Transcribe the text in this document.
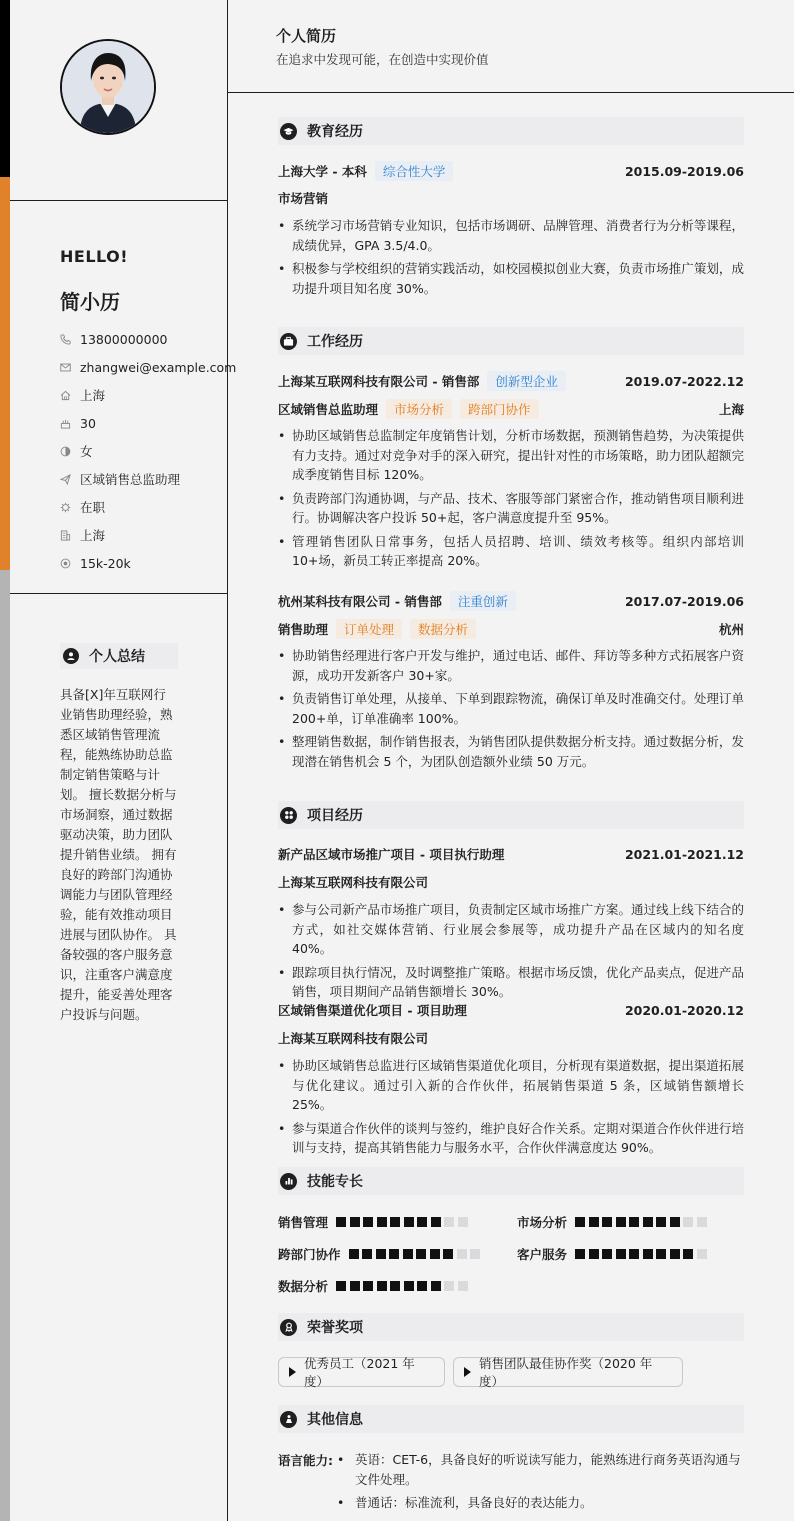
HELLO!
简小历
13800000000
zhangwei@example.com
上海
30
女
区域销售总监助理
在职
上海
15k-20k
个人总结
具备[X]年互联网行业销售助理经验，熟悉区域销售管理流程，能熟练协助总监制定销售策略与计划。 擅长数据分析与市场洞察，通过数据驱动决策，助力团队提升销售业绩。 拥有良好的跨部门沟通协调能力与团队管理经验，能有效推动项目进展与团队协作。 具备较强的客户服务意识，注重客户满意度提升，能妥善处理客户投诉与问题。
个人简历
在追求中发现可能，在创造中实现价值
教育经历
上海大学 - 本科	综合性大学	2015.09-2019.06
市场营销
• 系统学习市场营销专业知识，包括市场调研、品牌管理、消费者行为分析等课程，成绩优异，GPA 3.5/4.0。
• 积极参与学校组织的营销实践活动，如校园模拟创业大赛，负责市场推广策划，成功提升项目知名度 30%。
工作经历
上海某互联网科技有限公司 - 销售部	创新型企业	2019.07-2022.12
区域销售总监助理	市场分析	跨部门协作	上海
• 协助区域销售总监制定年度销售计划，分析市场数据，预测销售趋势，为决策提供有力支持。通过对竞争对手的深入研究，提出针对性的市场策略，助力团队超额完成季度销售目标 120%。
• 负责跨部门沟通协调，与产品、技术、客服等部门紧密合作，推动销售项目顺利进行。协调解决客户投诉 50+起，客户满意度提升至 95%。
• 管理销售团队日常事务，包括人员招聘、培训、绩效考核等。组织内部培训 10+场，新员工转正率提高 20%。
杭州某科技有限公司 - 销售部	注重创新	2017.07-2019.06
销售助理	订单处理	数据分析	杭州
• 协助销售经理进行客户开发与维护，通过电话、邮件、拜访等多种方式拓展客户资源，成功开发新客户 30+家。
• 负责销售订单处理，从接单、下单到跟踪物流，确保订单及时准确交付。处理订单 200+单，订单准确率 100%。
• 整理销售数据，制作销售报表，为销售团队提供数据分析支持。通过数据分析，发现潜在销售机会 5 个，为团队创造额外业绩 50 万元。
项目经历
新产品区域市场推广项目 - 项目执行助理	2021.01-2021.12
上海某互联网科技有限公司
• 参与公司新产品市场推广项目，负责制定区域市场推广方案。通过线上线下结合的方式，如社交媒体营销、行业展会参展等，成功提升产品在区域内的知名度 40%。
• 跟踪项目执行情况，及时调整推广策略。根据市场反馈，优化产品卖点，促进产品销售，项目期间产品销售额增长 30%。
区域销售渠道优化项目 - 项目助理	2020.01-2020.12
上海某互联网科技有限公司
• 协助区域销售总监进行区域销售渠道优化项目，分析现有渠道数据，提出渠道拓展与优化建议。通过引入新的合作伙伴，拓展销售渠道 5 条，区域销售额增长 25%。
• 参与渠道合作伙伴的谈判与签约，维护良好合作关系。定期对渠道合作伙伴进行培训与支持，提高其销售能力与服务水平，合作伙伴满意度达 90%。
技能专长
销售管理	市场分析
跨部门协作	客户服务
数据分析
荣誉奖项
优秀员工（2021 年度）
销售团队最佳协作奖（2020 年度）
其他信息
语言能力:
•	英语：CET-6，具备良好的听说读写能力，能熟练进行商务英语沟通与文件处理。
• 普通话：标准流利，具备良好的表达能力。
